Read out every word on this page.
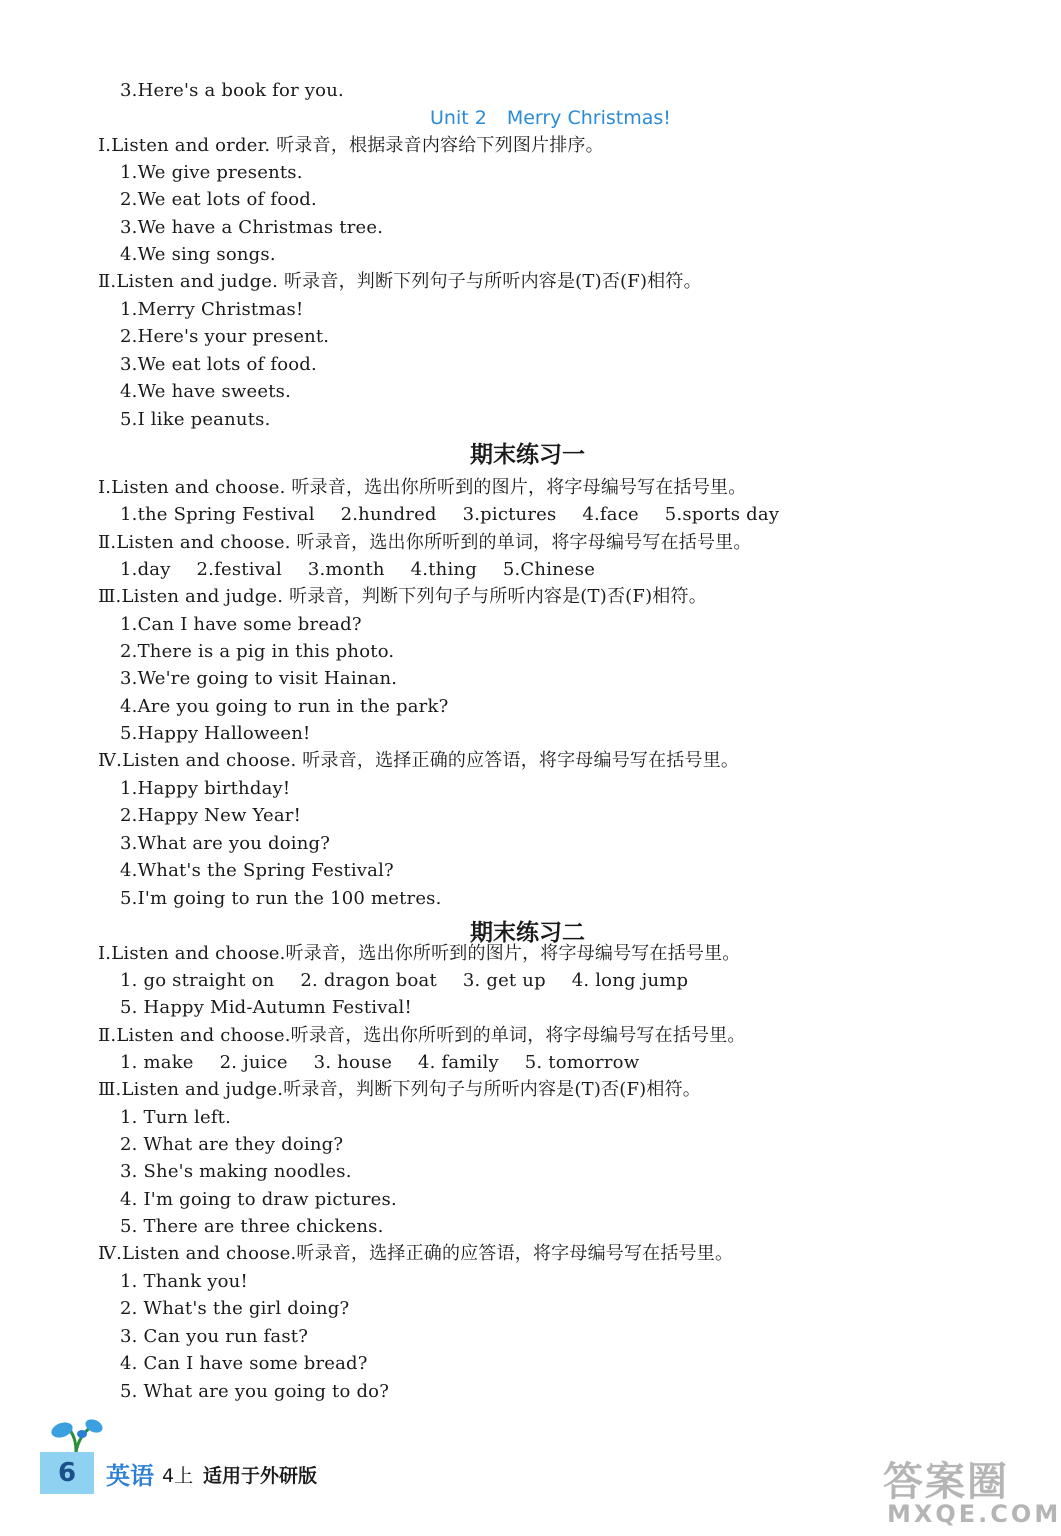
3.Here's a book for you.
Unit 2 Merry Christmas!
Ⅰ.Listen and order. 听录音，根据录音内容给下列图片排序。
1.We give presents.
2.We eat lots of food.
3.We have a Christmas tree.
4.We sing songs.
Ⅱ.Listen and judge. 听录音，判断下列句子与所听内容是(T)否(F)相符。
1.Merry Christmas!
2.Here's your present.
3.We eat lots of food.
4.We have sweets.
5.I like peanuts.
期末练习一
Ⅰ.Listen and choose. 听录音，选出你所听到的图片，将字母编号写在括号里。
1.the Spring Festival 2.hundred 3.pictures 4.face 5.sports day
Ⅱ.Listen and choose. 听录音，选出你所听到的单词，将字母编号写在括号里。
1.day 2.festival 3.month 4.thing 5.Chinese
Ⅲ.Listen and judge. 听录音，判断下列句子与所听内容是(T)否(F)相符。
1.Can I have some bread?
2.There is a pig in this photo.
3.We're going to visit Hainan.
4.Are you going to run in the park?
5.Happy Halloween!
Ⅳ.Listen and choose. 听录音，选择正确的应答语，将字母编号写在括号里。
1.Happy birthday!
2.Happy New Year!
3.What are you doing?
4.What's the Spring Festival?
5.I'm going to run the 100 metres.
期末练习二
Ⅰ.Listen and choose.听录音，选出你所听到的图片，将字母编号写在括号里。
1. go straight on 2. dragon boat 3. get up 4. long jump
5. Happy Mid-Autumn Festival!
Ⅱ.Listen and choose.听录音，选出你所听到的单词，将字母编号写在括号里。
1. make 2. juice 3. house 4. family 5. tomorrow
Ⅲ.Listen and judge.听录音，判断下列句子与所听内容是(T)否(F)相符。
1. Turn left.
2. What are they doing?
3. She's making noodles.
4. I'm going to draw pictures.
5. There are three chickens.
Ⅳ.Listen and choose.听录音，选择正确的应答语，将字母编号写在括号里。
1. Thank you!
2. What's the girl doing?
3. Can you run fast?
4. Can I have some bread?
5. What are you going to do?
6	英语 4上 适用于外研版	答案圈
MXQE.COM
